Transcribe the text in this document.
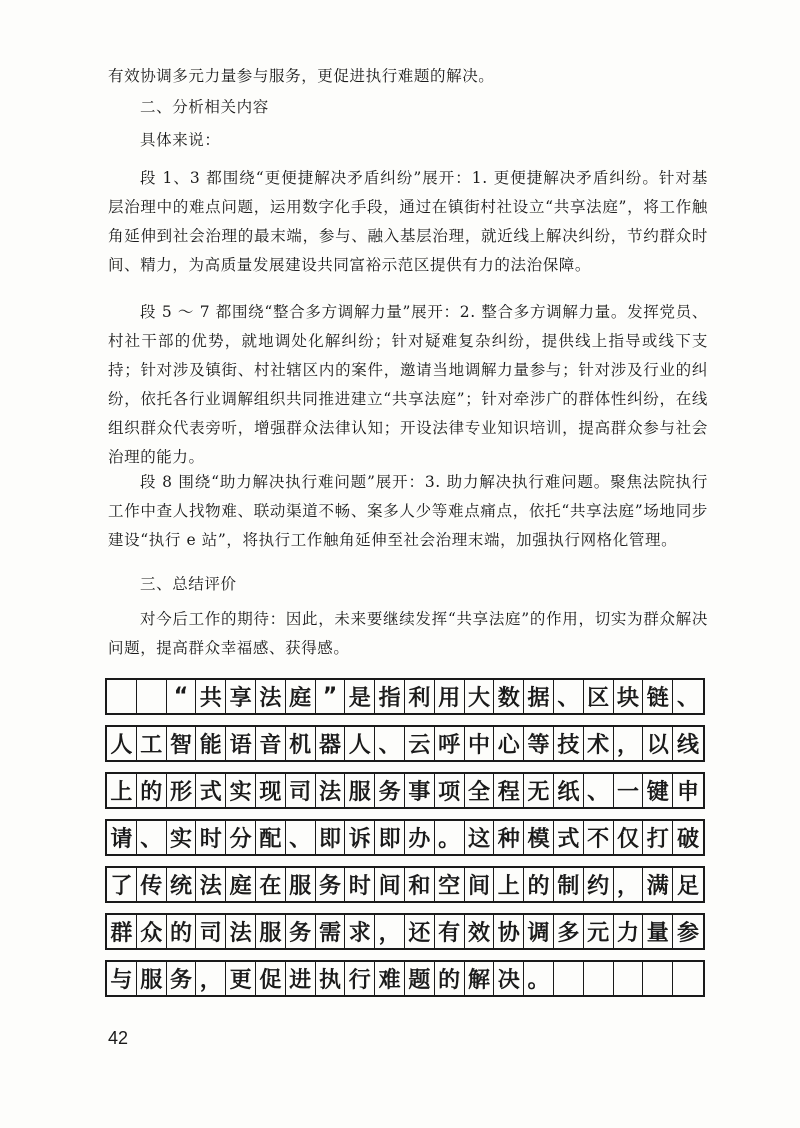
有效协调多元力量参与服务，更促进执行难题的解决。

二、分析相关内容

具体来说：

段 1、3 都围绕“更便捷解决矛盾纠纷”展开：1. 更便捷解决矛盾纠纷。针对基层治理中的难点问题，运用数字化手段，通过在镇街村社设立“共享法庭”，将工作触角延伸到社会治理的最末端，参与、融入基层治理，就近线上解决纠纷，节约群众时间、精力，为高质量发展建设共同富裕示范区提供有力的法治保障。

段 5 ～ 7 都围绕“整合多方调解力量”展开：2. 整合多方调解力量。发挥党员、村社干部的优势，就地调处化解纠纷；针对疑难复杂纠纷，提供线上指导或线下支持；针对涉及镇街、村社辖区内的案件，邀请当地调解力量参与；针对涉及行业的纠纷，依托各行业调解组织共同推进建立“共享法庭”；针对牵涉广的群体性纠纷，在线组织群众代表旁听，增强群众法律认知；开设法律专业知识培训，提高群众参与社会治理的能力。

段 8 围绕“助力解决执行难问题”展开：3. 助力解决执行难问题。聚焦法院执行工作中查人找物难、联动渠道不畅、案多人少等难点痛点，依托“共享法庭”场地同步建设“执行 e 站”，将执行工作触角延伸至社会治理末端，加强执行网格化管理。

三、总结评价

对今后工作的期待：因此，未来要继续发挥“共享法庭”的作用，切实为群众解决问题，提高群众幸福感、获得感。

“ 共 享 法 庭 ” 是 指 利 用 大 数 据 、 区 块 链 、
人 工 智 能 语 音 机 器 人 、 云 呼 中 心 等 技 术 ， 以 线
上 的 形 式 实 现 司 法 服 务 事 项 全 程 无 纸 、 一 键 申
请 、 实 时 分 配 、 即 诉 即 办 。 这 种 模 式 不 仅 打 破
了 传 统 法 庭 在 服 务 时 间 和 空 间 上 的 制 约 ， 满 足
群 众 的 司 法 服 务 需 求 ， 还 有 效 协 调 多 元 力 量 参
与 服 务 ， 更 促 进 执 行 难 题 的 解 决 。
42
